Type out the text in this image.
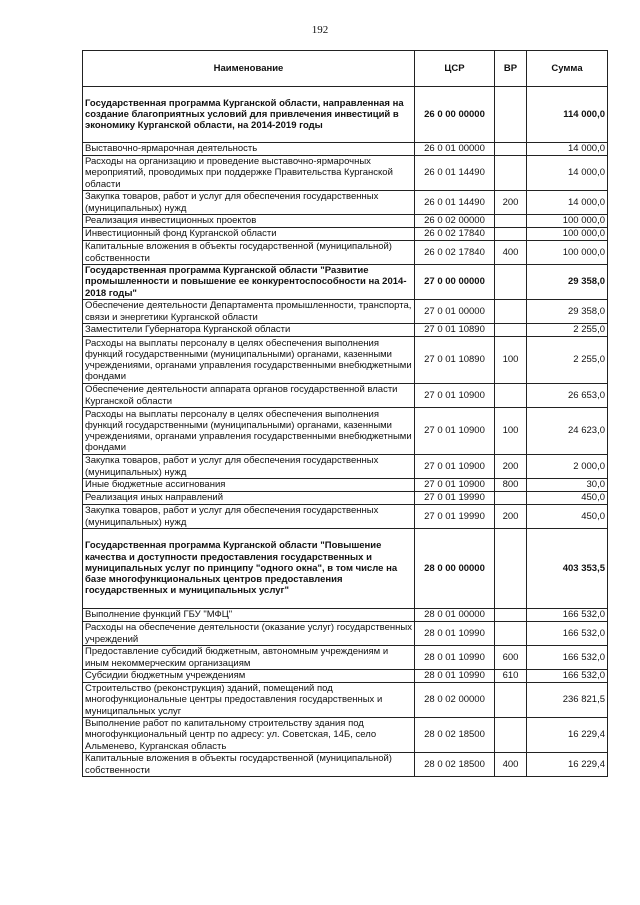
192
Наименование	ЦСР	ВР	Сумма
Государственная программа Курганской области, направленная на создание благоприятных условий для привлечения инвестиций в экономику Курганской области, на 2014-2019 годы	26 0 00 00000		114 000,0
Выставочно-ярмарочная деятельность	26 0 01 00000		14 000,0
Расходы на организацию и проведение выставочно-ярмарочных мероприятий, проводимых при поддержке Правительства Курганской области	26 0 01 14490		14 000,0
Закупка товаров, работ и услуг для обеспечения государственных (муниципальных) нужд	26 0 01 14490	200	14 000,0
Реализация инвестиционных проектов	26 0 02 00000		100 000,0
Инвестиционный фонд Курганской области	26 0 02 17840		100 000,0
Капитальные вложения в объекты государственной (муниципальной) собственности	26 0 02 17840	400	100 000,0
Государственная программа Курганской области "Развитие промышленности и повышение ее конкурентоспособности на 2014-2018 годы"	27 0 00 00000		29 358,0
Обеспечение деятельности Департамента промышленности, транспорта, связи и энергетики Курганской области	27 0 01 00000		29 358,0
Заместители Губернатора Курганской области	27 0 01 10890		2 255,0
Расходы на выплаты персоналу в целях обеспечения выполнения функций государственными (муниципальными) органами, казенными учреждениями, органами управления государственными внебюджетными фондами	27 0 01 10890	100	2 255,0
Обеспечение деятельности аппарата органов государственной власти Курганской области	27 0 01 10900		26 653,0
Расходы на выплаты персоналу в целях обеспечения выполнения функций государственными (муниципальными) органами, казенными учреждениями, органами управления государственными внебюджетными фондами	27 0 01 10900	100	24 623,0
Закупка товаров, работ и услуг для обеспечения государственных (муниципальных) нужд	27 0 01 10900	200	2 000,0
Иные бюджетные ассигнования	27 0 01 10900	800	30,0
Реализация иных направлений	27 0 01 19990		450,0
Закупка товаров, работ и услуг для обеспечения государственных (муниципальных) нужд	27 0 01 19990	200	450,0
Государственная программа Курганской области "Повышение качества и доступности предоставления государственных и муниципальных услуг по принципу "одного окна", в том числе на базе многофункциональных центров предоставления государственных и муниципальных услуг"	28 0 00 00000		403 353,5
Выполнение функций ГБУ "МФЦ"	28 0 01 00000		166 532,0
Расходы на обеспечение деятельности (оказание услуг) государственных учреждений	28 0 01 10990		166 532,0
Предоставление субсидий бюджетным, автономным учреждениям и иным некоммерческим организациям	28 0 01 10990	600	166 532,0
Субсидии бюджетным учреждениям	28 0 01 10990	610	166 532,0
Строительство (реконструкция) зданий, помещений под многофункциональные центры предоставления государственных и муниципальных услуг	28 0 02 00000		236 821,5
Выполнение работ по капитальному строительству здания под многофункциональный центр по адресу: ул. Советская, 14Б, село Альменево, Курганская область	28 0 02 18500		16 229,4
Капитальные вложения в объекты государственной (муниципальной) собственности	28 0 02 18500	400	16 229,4
